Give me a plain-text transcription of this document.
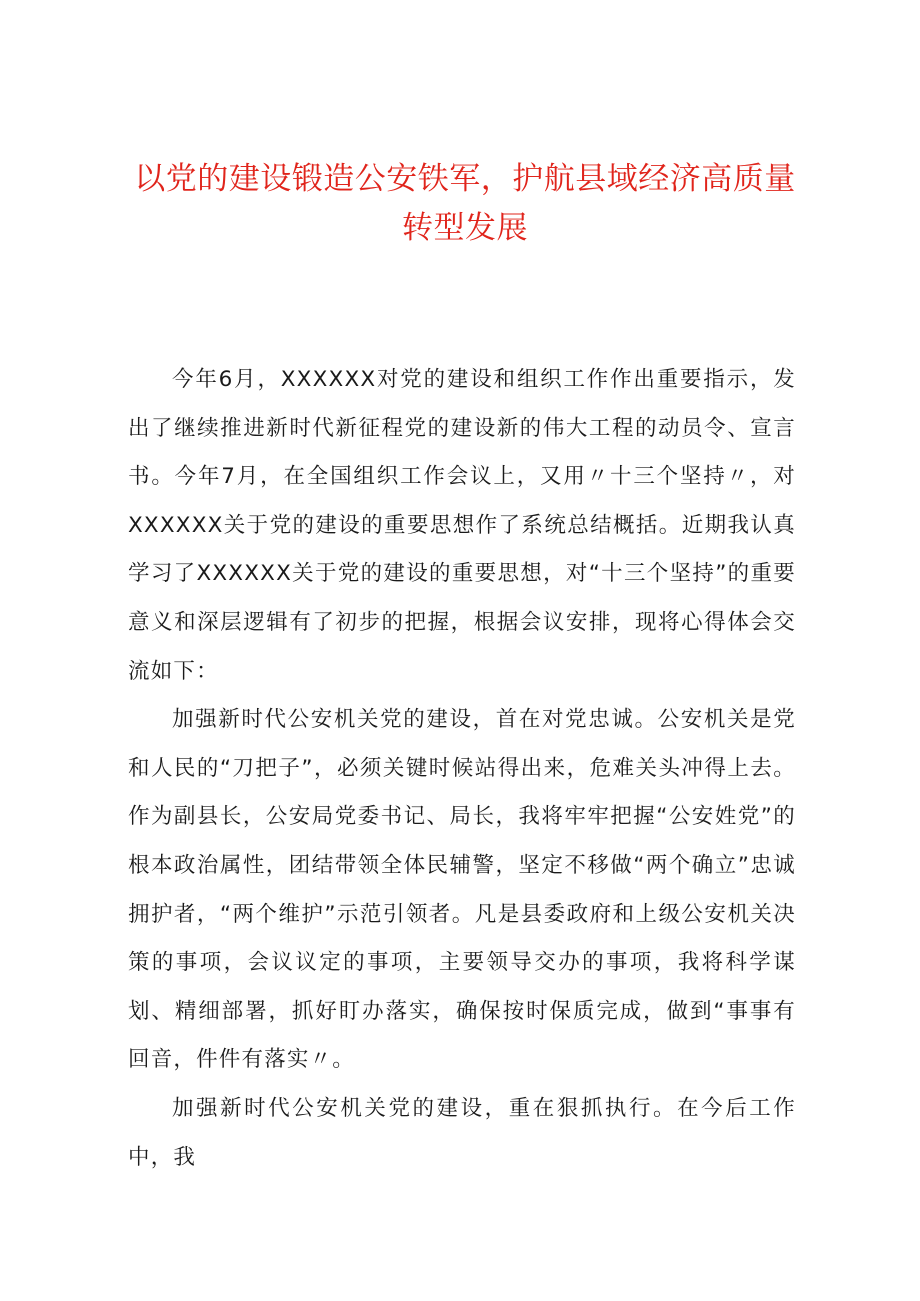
以党的建设锻造公安铁军，护航县域经济高质量转型发展

今年6月，XXXXXX对党的建设和组织工作作出重要指示，发出了继续推进新时代新征程党的建设新的伟大工程的动员令、宣言书。今年7月，在全国组织工作会议上，又用〃十三个坚持〃，对XXXXXX关于党的建设的重要思想作了系统总结概括。近期我认真学习了XXXXXX关于党的建设的重要思想，对“十三个坚持”的重要意义和深层逻辑有了初步的把握，根据会议安排，现将心得体会交流如下：

加强新时代公安机关党的建设，首在对党忠诚。公安机关是党和人民的“刀把子”，必须关键时候站得出来，危难关头冲得上去。作为副县长，公安局党委书记、局长，我将牢牢把握“公安姓党”的根本政治属性，团结带领全体民辅警，坚定不移做“两个确立”忠诚拥护者，“两个维护”示范引领者。凡是县委政府和上级公安机关决策的事项，会议议定的事项，主要领导交办的事项，我将科学谋划、精细部署，抓好盯办落实，确保按时保质完成，做到“事事有回音，件件有落实〃。

加强新时代公安机关党的建设，重在狠抓执行。在今后工作中，我
